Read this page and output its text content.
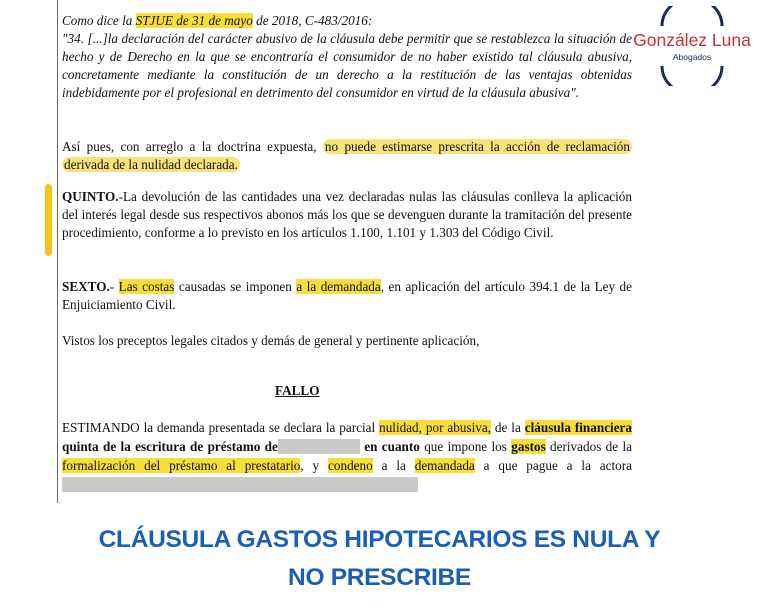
Como dice la STJUE de 31 de mayo de 2018, C-483/2016:
"34. [...]la declaración del carácter abusivo de la cláusula debe permitir que se restablezca la situación de hecho y de Derecho en la que se encontraría el consumidor de no haber existido tal cláusula abusiva, concretamente mediante la constitución de un derecho a la restitución de las ventajas obtenidas indebidamente por el profesional en detrimento del consumidor en virtud de la cláusula abusiva".
Así pues, con arreglo a la doctrina expuesta, no puede estimarse prescrita la acción de reclamación derivada de la nulidad declarada.
QUINTO.-La devolución de las cantidades una vez declaradas nulas las cláusulas conlleva la aplicación del interés legal desde sus respectivos abonos más los que se devenguen durante la tramitación del presente procedimiento, conforme a lo previsto en los artículos 1.100, 1.101 y 1.303 del Código Civil.
SEXTO.- Las costas causadas se imponen a la demandada, en aplicación del artículo 394.1 de la Ley de Enjuiciamiento Civil.
Vistos los preceptos legales citados y demás de general y pertinente aplicación,
FALLO
ESTIMANDO la demanda presentada se declara la parcial nulidad, por abusiva, de la cláusula financiera quinta de la escritura de préstamo de	en cuanto que impone los gastos derivados de la formalización del préstamo al prestatario, y condeno a la demandada a que pague a la actora
González Luna
Abogados
CLÁUSULA GASTOS HIPOTECARIOS ES NULA Y
NO PRESCRIBE
